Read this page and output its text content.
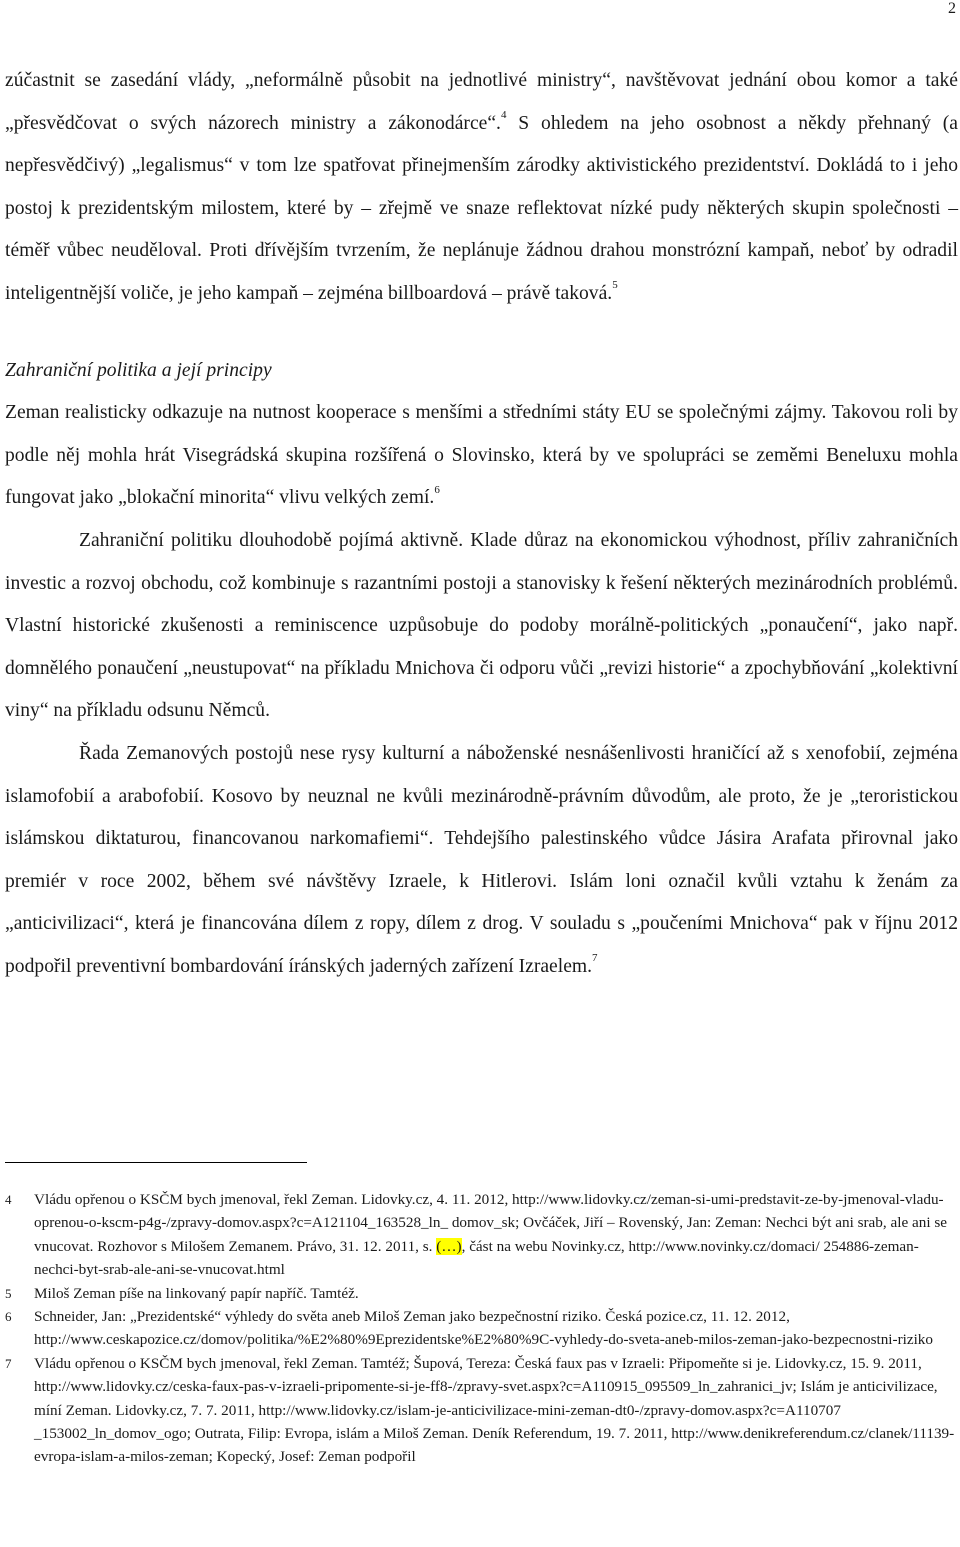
2

zúčastnit se zasedání vlády, „neformálně působit na jednotlivé ministry“, navštěvovat jednání obou komor a také „přesvědčovat o svých názorech ministry a zákonodárce“.$^4$ S ohledem na jeho osobnost a někdy přehnaný (a nepřesvědčivý) „legalismus“ v tom lze spatřovat přinejmenším zárodky aktivistického prezidentství. Dokládá to i jeho postoj k prezidentským milostem, které by – zřejmě ve snaze reflektovat nízké pudy některých skupin společnosti – téměř vůbec neuděloval. Proti dřívějším tvrzením, že neplánuje žádnou drahou monstrózní kampaň, neboť by odradil inteligentnější voliče, je jeho kampaň – zejména billboardová – právě taková.$^5$

Zahraniční politika a její principy

Zeman realisticky odkazuje na nutnost kooperace s menšími a středními státy EU se společnými zájmy. Takovou roli by podle něj mohla hrát Visegrádská skupina rozšířená o Slovinsko, která by ve spolupráci se zeměmi Beneluxu mohla fungovat jako „blokační minorita“ vlivu velkých zemí.$^6$

Zahraniční politiku dlouhodobě pojímá aktivně. Klade důraz na ekonomickou výhodnost, příliv zahraničních investic a rozvoj obchodu, což kombinuje s razantními postoji a stanovisky k řešení některých mezinárodních problémů. Vlastní historické zkušenosti a reminiscence uzpůsobuje do podoby morálně-politických „ponaučení“, jako např. domnělého ponaučení „neustupovat“ na příkladu Mnichova či odporu vůči „revizi historie“ a zpochybňování „kolektivní viny“ na příkladu odsunu Němců.

Řada Zemanových postojů nese rysy kulturní a náboženské nesnášenlivosti hraničící až s xenofobií, zejména islamofobií a arabofobií. Kosovo by neuznal ne kvůli mezinárodně-právním důvodům, ale proto, že je „teroristickou islámskou diktaturou, financovanou narkomafiemi“. Tehdejšího palestinského vůdce Jásira Arafata přirovnal jako premiér v roce 2002, během své návštěvy Izraele, k Hitlerovi. Islám loni označil kvůli vztahu k ženám za „anticivilizaci“, která je financována dílem z ropy, dílem z drog. V souladu s „poučeními Mnichova“ pak v říjnu 2012 podpořil preventivní bombardování íránských jaderných zařízení Izraelem.$^7$

4	Vládu opřenou o KSČM bych jmenoval, řekl Zeman. Lidovky.cz, 4. 11. 2012, http://www.lidovky.cz/zeman-si-umi-predstavit-ze-by-jmenoval-vladu-oprenou-o-kscm-p4g-/zpravy-domov.aspx?c=A121104_163528_ln_ domov_sk; Ovčáček, Jiří – Rovenský, Jan: Zeman: Nechci být ani srab, ale ani se vnucovat. Rozhovor s Milošem Zemanem. Právo, 31. 12. 2011, s. (…), část na webu Novinky.cz, http://www.novinky.cz/domaci/ 254886-zeman-nechci-byt-srab-ale-ani-se-vnucovat.html
5	Miloš Zeman píše na linkovaný papír napříč. Tamtéž.
6	Schneider, Jan: „Prezidentské“ výhledy do světa aneb Miloš Zeman jako bezpečnostní riziko. Česká pozice.cz, 11. 12. 2012, http://www.ceskapozice.cz/domov/politika/%E2%80%9Eprezidentske%E2%80%9C-vyhledy-do-sveta-aneb-milos-zeman-jako-bezpecnostni-riziko
7	Vládu opřenou o KSČM bych jmenoval, řekl Zeman. Tamtéž; Šupová, Tereza: Česká faux pas v Izraeli: Připomeňte si je. Lidovky.cz, 15. 9. 2011, http://www.lidovky.cz/ceska-faux-pas-v-izraeli-pripomente-si-je-ff8-/zpravy-svet.aspx?c=A110915_095509_ln_zahranici_jv; Islám je anticivilizace, míní Zeman. Lidovky.cz, 7. 7. 2011, http://www.lidovky.cz/islam-je-anticivilizace-mini-zeman-dt0-/zpravy-domov.aspx?c=A110707 _153002_ln_domov_ogo; Outrata, Filip: Evropa, islám a Miloš Zeman. Deník Referendum, 19. 7. 2011, http://www.denikreferendum.cz/clanek/11139-evropa-islam-a-milos-zeman; Kopecký, Josef: Zeman podpořil
